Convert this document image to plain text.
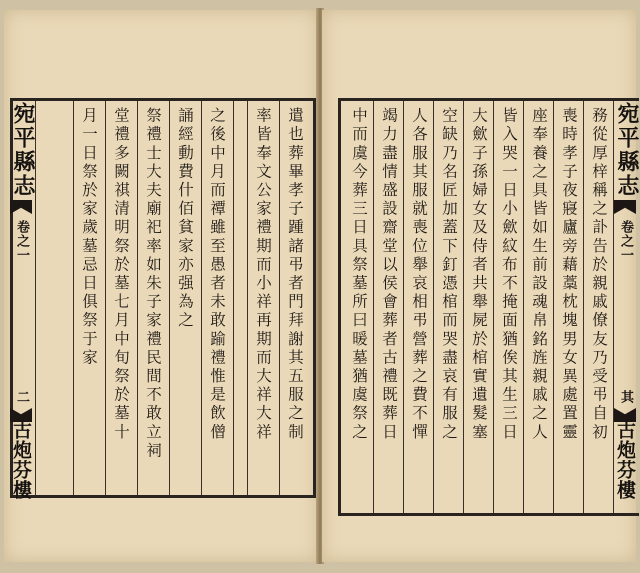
遣也葬畢孝子踵諸弔者門拜謝其五服之制
率皆奉文公家禮期而小祥再期而大祥大祥
之後中月而禫雖至愚者未敢踰禮惟是飲僧
誦經動費什佰貧家亦强為之
祭禮士大夫廟祀率如朱子家禮民間不敢立祠
堂禮多闕祺清明祭於墓七月中旬祭於墓十
月一日祭於家歲墓忌日俱祭于家
宛平縣志
卷之一
二
古炮芬樓
務從厚梓稱之訃告於親戚僚友乃受弔自初
喪時孝子夜寢廬旁藉藁枕塊男女異處置靈
座奉養之具皆如生前設魂帛銘旌親戚之人
皆入哭一日小歛紋布不掩面猶俟其生三日
大歛子孫婦女及侍者共舉屍於棺實遺髮塞
空缺乃名匠加蓋下釘憑棺而哭盡哀有服之
人各服其服就喪位舉哀相弔營葬之費不憚
竭力盡情盛設齋堂以侯會葬者古禮既葬日
中而虞今葬三日具祭墓所曰暖墓猶虞祭之	宛平縣志
卷之一
其
古炮芬樓
